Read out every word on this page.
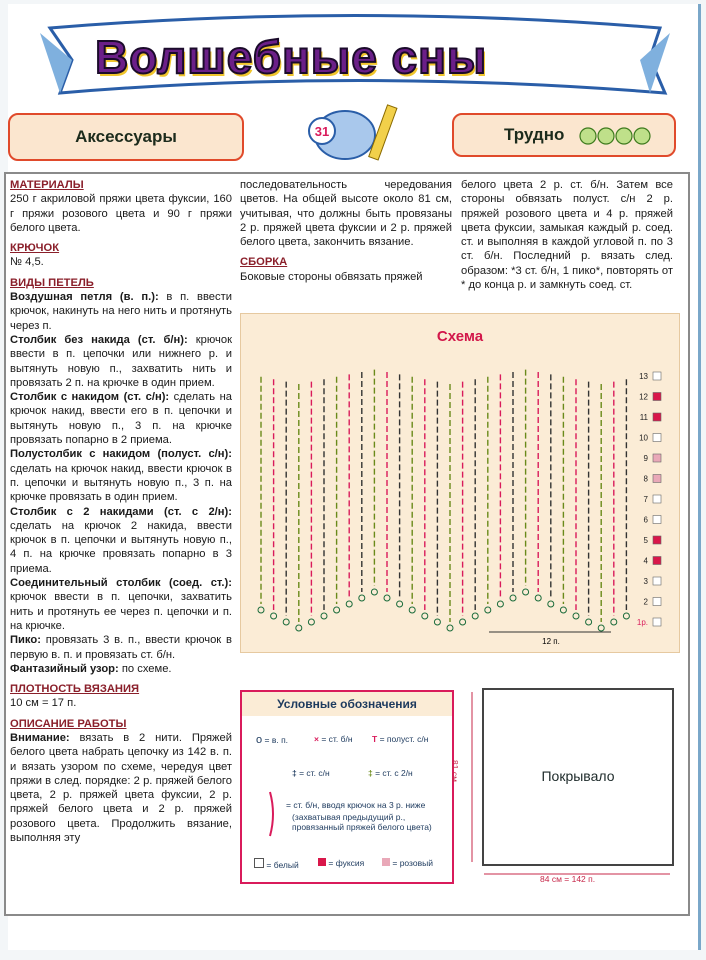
Волшебные сны
Аксессуары	Трудно
31
МАТЕРИАЛЫ
250 г акриловой пряжи цвета фуксии, 160 г пряжи розового цвета и 90 г пряжи белого цвета.
КРЮЧОК
№ 4,5.
ВИДЫ ПЕТЕЛЬ
Воздушная петля (в. п.): в п. ввести крючок, накинуть на него нить и протянуть через п.
Столбик без накида (ст. б/н): крючок ввести в п. цепочки или нижнего р. и вытянуть новую п., захватить нить и провязать 2 п. на крючке в один прием.
Столбик с накидом (ст. с/н): сделать на крючок накид, ввести его в п. цепочки и вытянуть новую п., 3 п. на крючке провязать попарно в 2 приема.
Полустолбик с накидом (полуст. с/н): сделать на крючок накид, ввести крючок в п. цепочки и вытянуть новую п., 3 п. на крючке провязать в один прием.
Столбик с 2 накидами (ст. с 2/н): сделать на крючок 2 накида, ввести крючок в п. цепочки и вытянуть новую п., 4 п. на крючке провязать попарно в 3 приема.
Соединительный столбик (соед. ст.): крючок ввести в п. цепочки, захватить нить и протянуть ее через п. цепочки и п. на крючке.
Пико: провязать 3 в. п., ввести крючок в первую в. п. и провязать ст. б/н.
Фантазийный узор: по схеме.
ПЛОТНОСТЬ ВЯЗАНИЯ
10 см = 17 п.
ОПИСАНИЕ РАБОТЫ
Внимание: вязать в 2 нити. Пряжей белого цвета набрать цепочку из 142 в. п. и вязать узором по схеме, чередуя цвет пряжи в след. порядке: 2 р. пряжей белого цвета, 2 р. пряжей цвета фуксии, 2 р. пряжей белого цвета и 2 р. пряжей розового цвета. Продолжить вязание, выполняя эту
последовательность чередования цветов. На общей высоте около 81 см, учитывая, что должны быть провязаны 2 р. пряжей цвета фуксии и 2 р. пряжей белого цвета, закончить вязание.
СБОРКА
Боковые стороны обвязать пряжей
белого цвета 2 р. ст. б/н. Затем все стороны обвязать полуст. с/н 2 р. пряжей розового цвета и 4 р. пряжей цвета фуксии, замыкая каждый р. соед. ст. и выполняя в каждой угловой п. по 3 ст. б/н. Последний р. вязать след. образом: *3 ст. б/н, 1 пико*, повторять от * до конца р. и замкнуть соед. ст.
Схема
13
12
11
10
9
8
7
6
5
4
3
2
1р.
12 п.
Условные обозначения
o = в. п.	× = ст. б/н T = полуст. с/н
‡ = ст. с/н	‡ = ст. с 2/н
= ст. б/н, вводя крючок на 3 р. ниже
(захватывая предыдущий р., провязанный пряжей белого цвета)
= белый	= фуксия	= розовый
Покрывало
81 см
84 см = 142 п.
